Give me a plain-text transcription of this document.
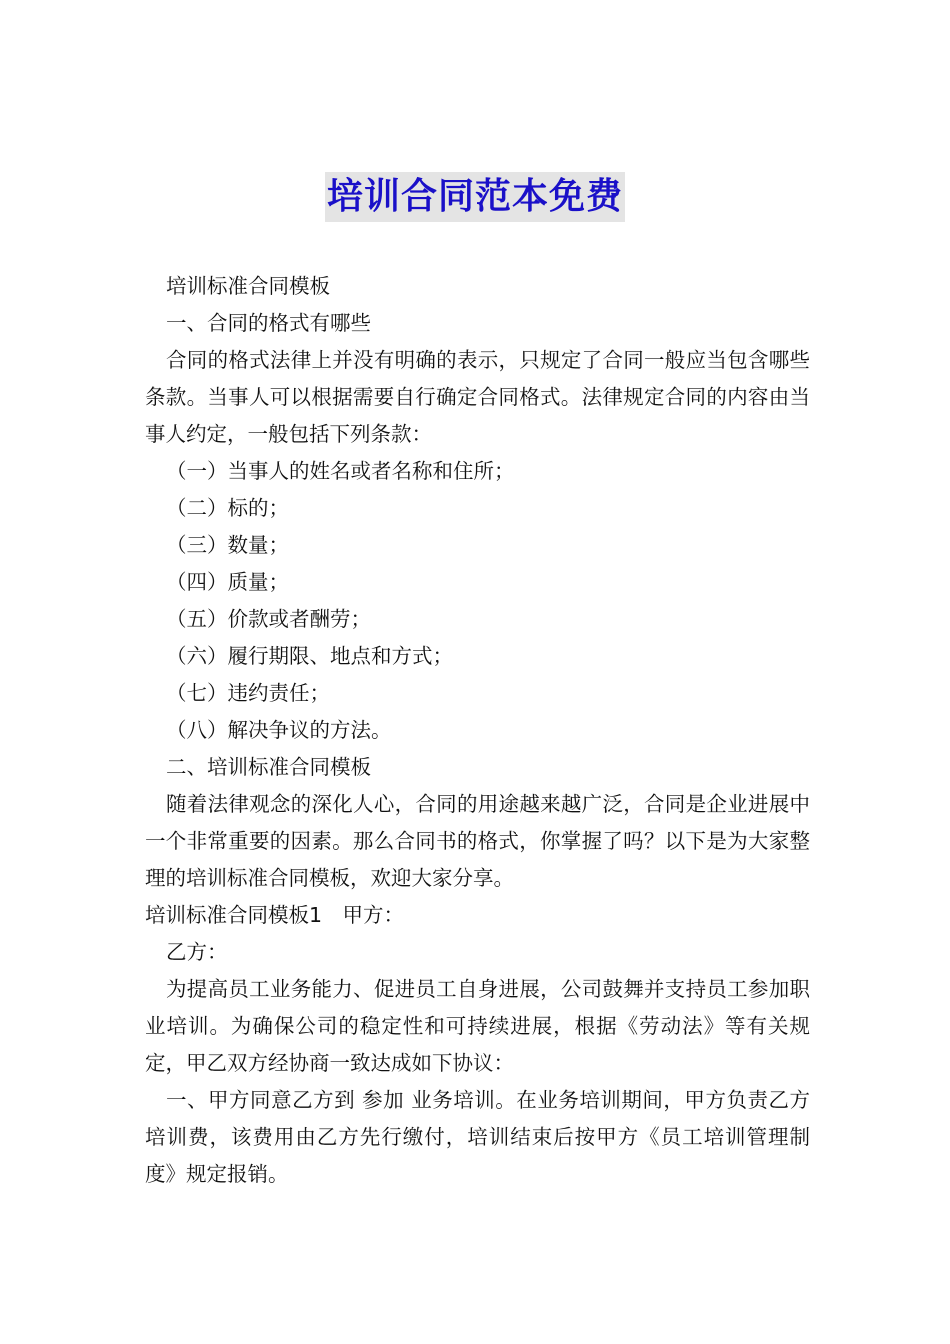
培训合同范本免费

培训标准合同模板

一、合同的格式有哪些

合同的格式法律上并没有明确的表示，只规定了合同一般应当包含哪些条款。当事人可以根据需要自行确定合同格式。法律规定合同的内容由当事人约定，一般包括下列条款：

（一）当事人的姓名或者名称和住所；

（二）标的；

（三）数量；

（四）质量；

（五）价款或者酬劳；

（六）履行期限、地点和方式；

（七）违约责任；

（八）解决争议的方法。

二、培训标准合同模板

随着法律观念的深化人心，合同的用途越来越广泛，合同是企业进展中一个非常重要的因素。那么合同书的格式，你掌握了吗？以下是为大家整理的培训标准合同模板，欢迎大家分享。

培训标准合同模板1　甲方：

乙方：

为提高员工业务能力、促进员工自身进展，公司鼓舞并支持员工参加职业培训。为确保公司的稳定性和可持续进展，根据《劳动法》等有关规定，甲乙双方经协商一致达成如下协议：

一、甲方同意乙方到 参加 业务培训。在业务培训期间，甲方负责乙方培训费，该费用由乙方先行缴付，培训结束后按甲方《员工培训管理制度》规定报销。
